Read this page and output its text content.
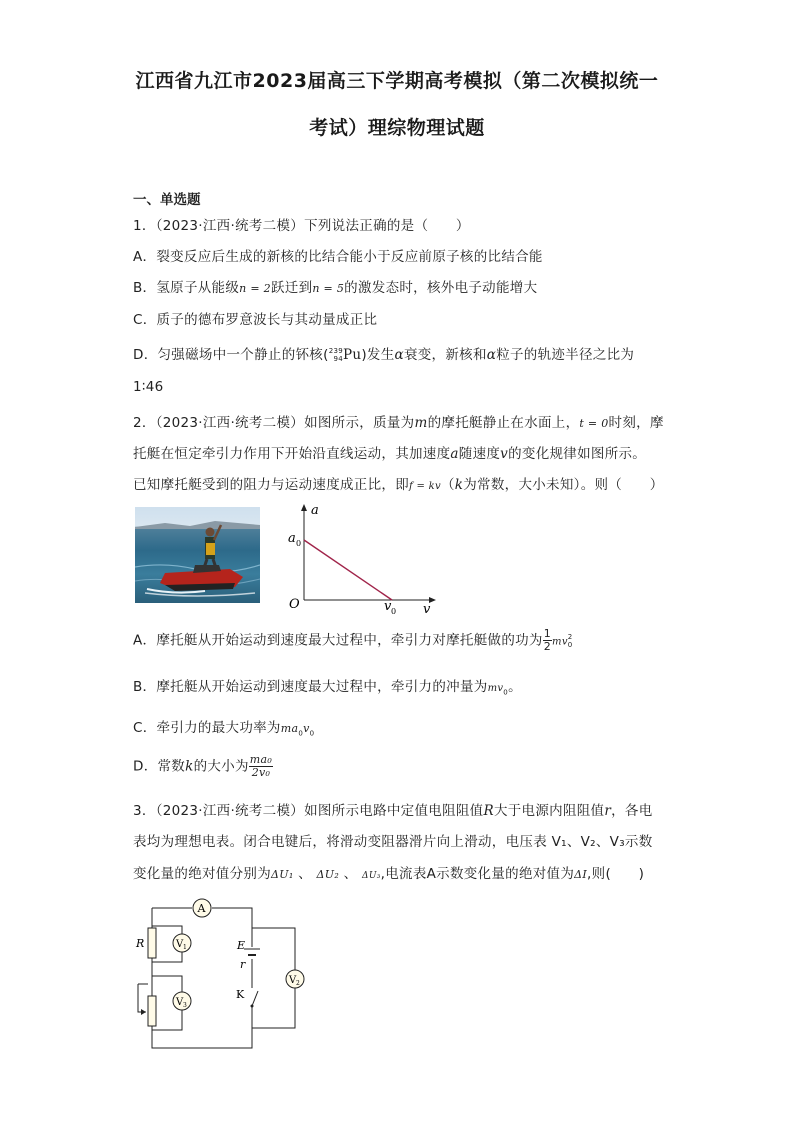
江西省九江市2023届高三下学期高考模拟（第二次模拟统一
考试）理综物理试题
一、单选题
1．（2023·江西·统考二模）下列说法正确的是（　　）
A．裂变反应后生成的新核的比结合能小于反应前原子核的比结合能
B．氢原子从能级n = 2跃迁到n = 5的激发态时，核外电子动能增大
C．质子的德布罗意波长与其动量成正比
D．匀强磁场中一个静止的钚核( 239
94 Pu)发生α衰变，新核和α粒子的轨迹半径之比为
1∶46
2．（2023·江西·统考二模）如图所示，质量为m的摩托艇静止在水面上，t = 0时刻，摩
托艇在恒定牵引力作用下开始沿直线运动，其加速度a随速度v的变化规律如图所示。
已知摩托艇受到的阻力与运动速度成正比，即f = kv（k为常数，大小未知）。则（　　）
a
v
a 0
v 0
O
A．摩托艇从开始运动到速度最大过程中，牵引力对摩托艇做的功为 $\frac{1}{2}$ mv 2
0
B．摩托艇从开始运动到速度最大过程中，牵引力的冲量为$mv_0$。
C．牵引力的最大功率为$ma_0v_0$
D．常数k的大小为 $\frac{\text{ma₀}}{\text{2v₀}}$
3．（2023·江西·统考二模）如图所示电路中定值电阻阻值R大于电源内阻阻值r，各电
表均为理想电表。闭合电键后，将滑动变阻器滑片向上滑动，电压表 V₁、V₂、V₃示数
变化量的绝对值分别为ΔU₁ 、 ΔU₂ 、 ΔU₃,电流表A示数变化量的绝对值为ΔI,则(　　)
A
V 1
V 3
V 2
E
r
K
R
